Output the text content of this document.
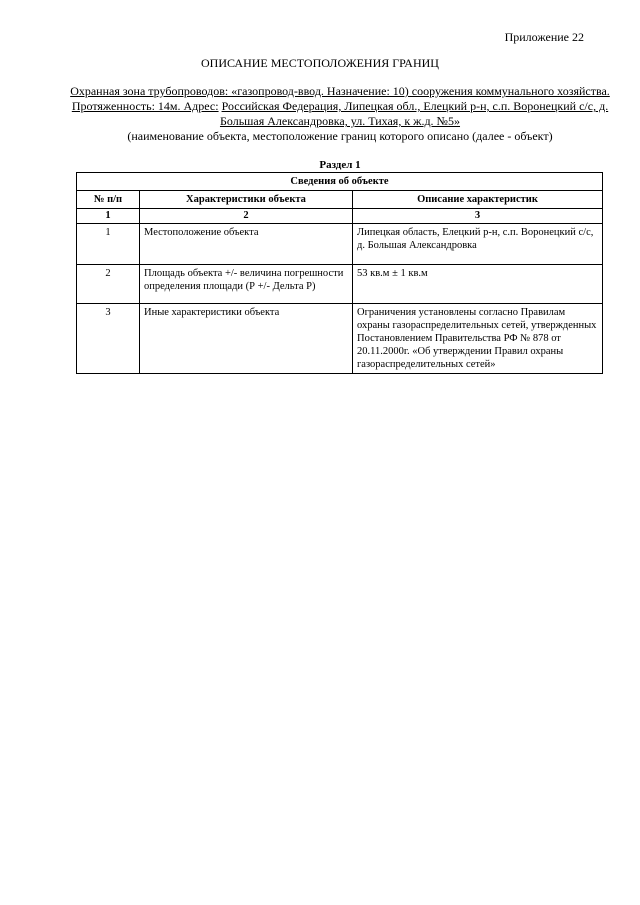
Приложение 22
ОПИСАНИЕ МЕСТОПОЛОЖЕНИЯ ГРАНИЦ
Охранная зона трубопроводов: «газопровод-ввод. Назначение: 10) сооружения коммунального хозяйства. Протяженность: 14м. Адрес: Российская Федерация, Липецкая обл., Елецкий р-н, с.п. Воронецкий с/с, д. Большая Александровка, ул. Тихая, к ж.д. №5»
(наименование объекта, местоположение границ которого описано (далее - объект)
Раздел 1
Сведения об объекте		
№ п/п	Характеристики объекта	Описание характеристик
1	2	3
1	Местоположение объекта	Липецкая область, Елецкий р-н, с.п. Воронецкий с/с, д. Большая Александровка
2	Площадь объекта +/- величина погрешности определения площади (Р +/- Дельта Р)	53 кв.м ± 1 кв.м
3	Иные характеристики объекта	Ограничения установлены согласно Правилам охраны газораспределительных сетей, утвержденных Постановлением Правительства РФ № 878 от 20.11.2000г. «Об утверждении Правил охраны газораспределительных сетей»
